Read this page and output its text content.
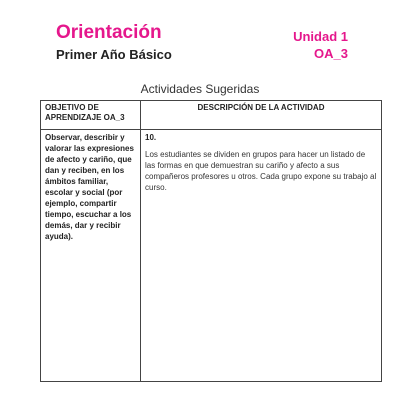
Orientación
Primer Año Básico
Unidad 1
OA_3
Actividades Sugeridas
OBJETIVO DE APRENDIZAJE OA_3	DESCRIPCIÓN DE LA ACTIVIDAD
Observar, describir y valorar las expresiones de afecto y cariño, que dan y reciben, en los ámbitos familiar, escolar y social (por ejemplo, compartir tiempo, escuchar a los demás, dar y recibir ayuda).	10.
Los estudiantes se dividen en grupos para hacer un listado de las formas en que demuestran su cariño y afecto a sus compañeros profesores u otros. Cada grupo expone su trabajo al curso.
